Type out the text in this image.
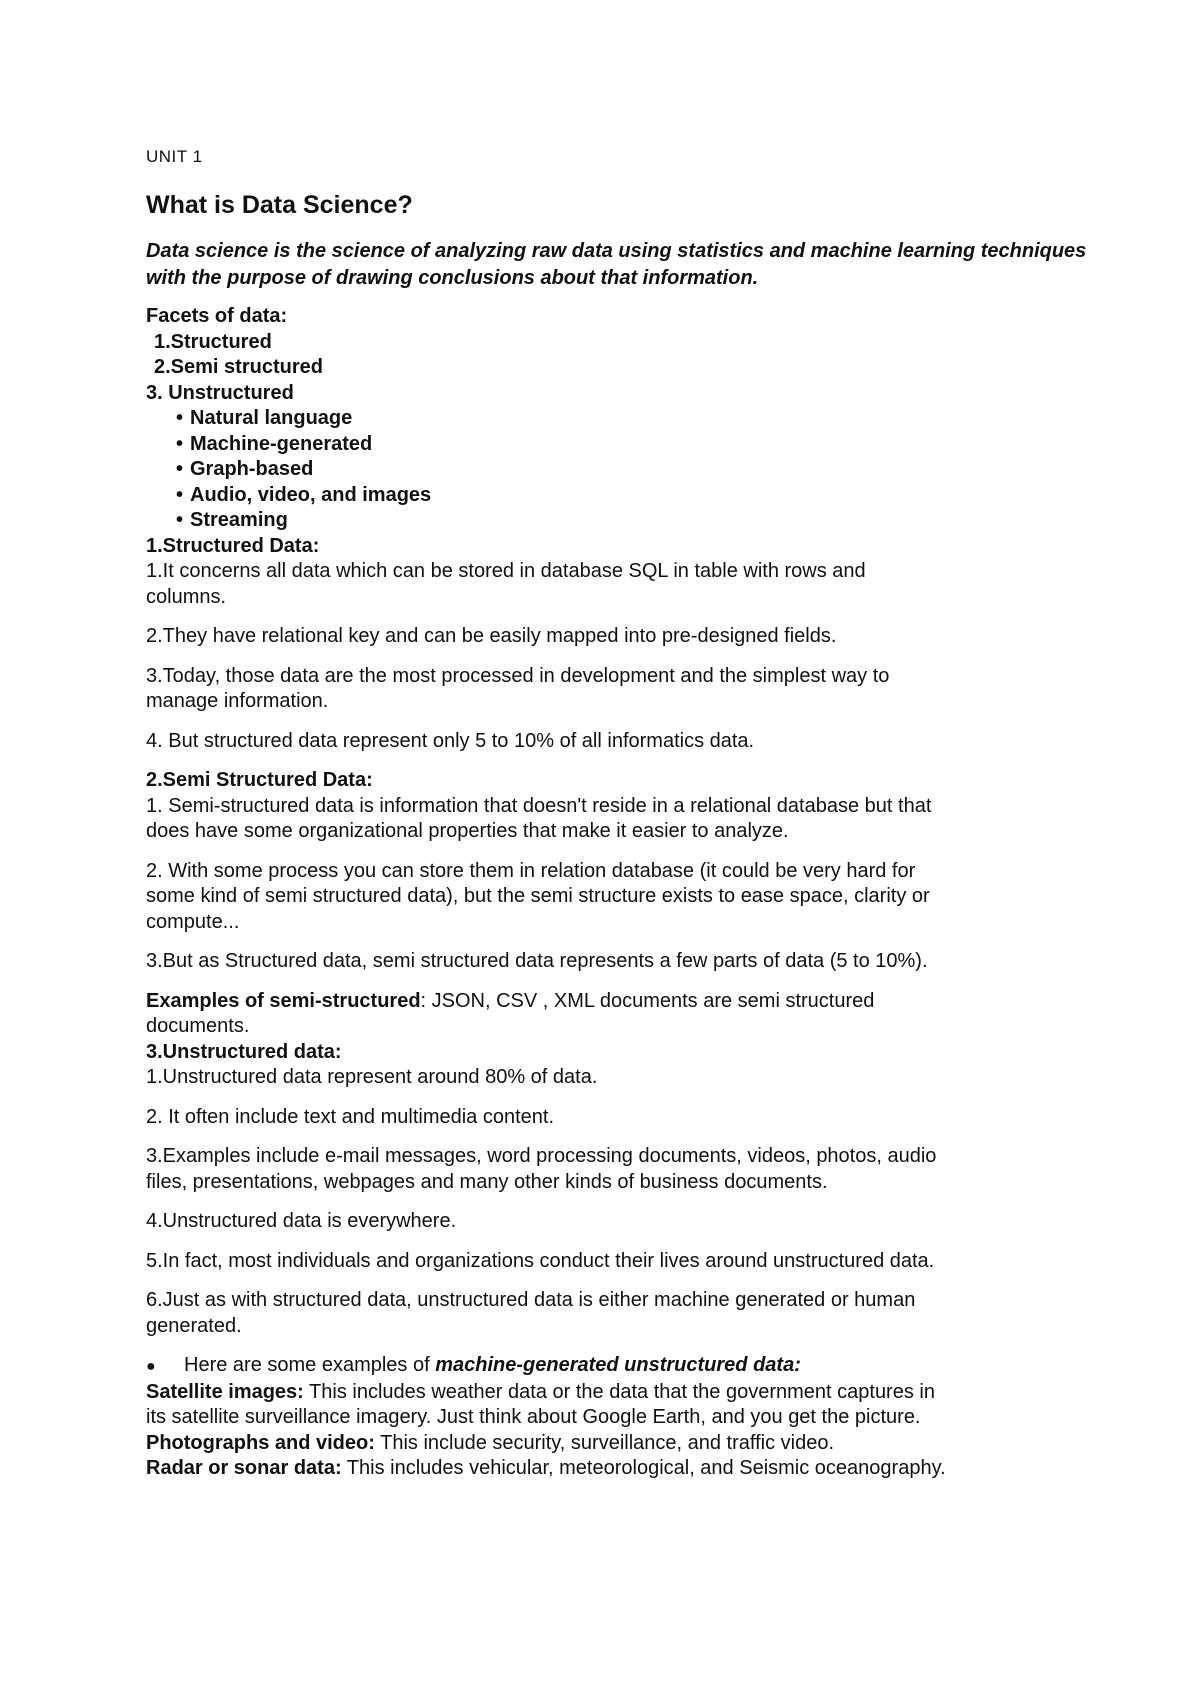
UNIT 1

What is Data Science?

Data science is the science of analyzing raw data using statistics and machine learning techniques with the purpose of drawing conclusions about that information.

Facets of data:

1.Structured

2.Semi structured

3. Unstructured

• Natural language

• Machine-generated

• Graph-based

• Audio, video, and images

• Streaming

1.Structured Data:

1.It concerns all data which can be stored in database SQL in table with rows and
columns.
2.They have relational key and can be easily mapped into pre-designed fields.
3.Today, those data are the most processed in development and the simplest way to
manage information.
4. But structured data represent only 5 to 10% of all informatics data.

2.Semi Structured Data:

1. Semi-structured data is information that doesn't reside in a relational database but that
does have some organizational properties that make it easier to analyze.
2. With some process you can store them in relation database (it could be very hard for
some kind of semi structured data), but the semi structure exists to ease space, clarity or
compute...
3.But as Structured data, semi structured data represents a few parts of data (5 to 10%).
Examples of semi-structured: JSON, CSV , XML documents are semi structured
documents.

3.Unstructured data:

1.Unstructured data represent around 80% of data.
2. It often include text and multimedia content.
3.Examples include e-mail messages, word processing documents, videos, photos, audio
files, presentations, webpages and many other kinds of business documents.
4.Unstructured data is everywhere.
5.In fact, most individuals and organizations conduct their lives around unstructured data.
6.Just as with structured data, unstructured data is either machine generated or human
generated.

● Here are some examples of machine-generated unstructured data:

Satellite images: This includes weather data or the data that the government captures in
its satellite surveillance imagery. Just think about Google Earth, and you get the picture.
Photographs and video: This include security, surveillance, and traffic video.
Radar or sonar data: This includes vehicular, meteorological, and Seismic oceanography.
